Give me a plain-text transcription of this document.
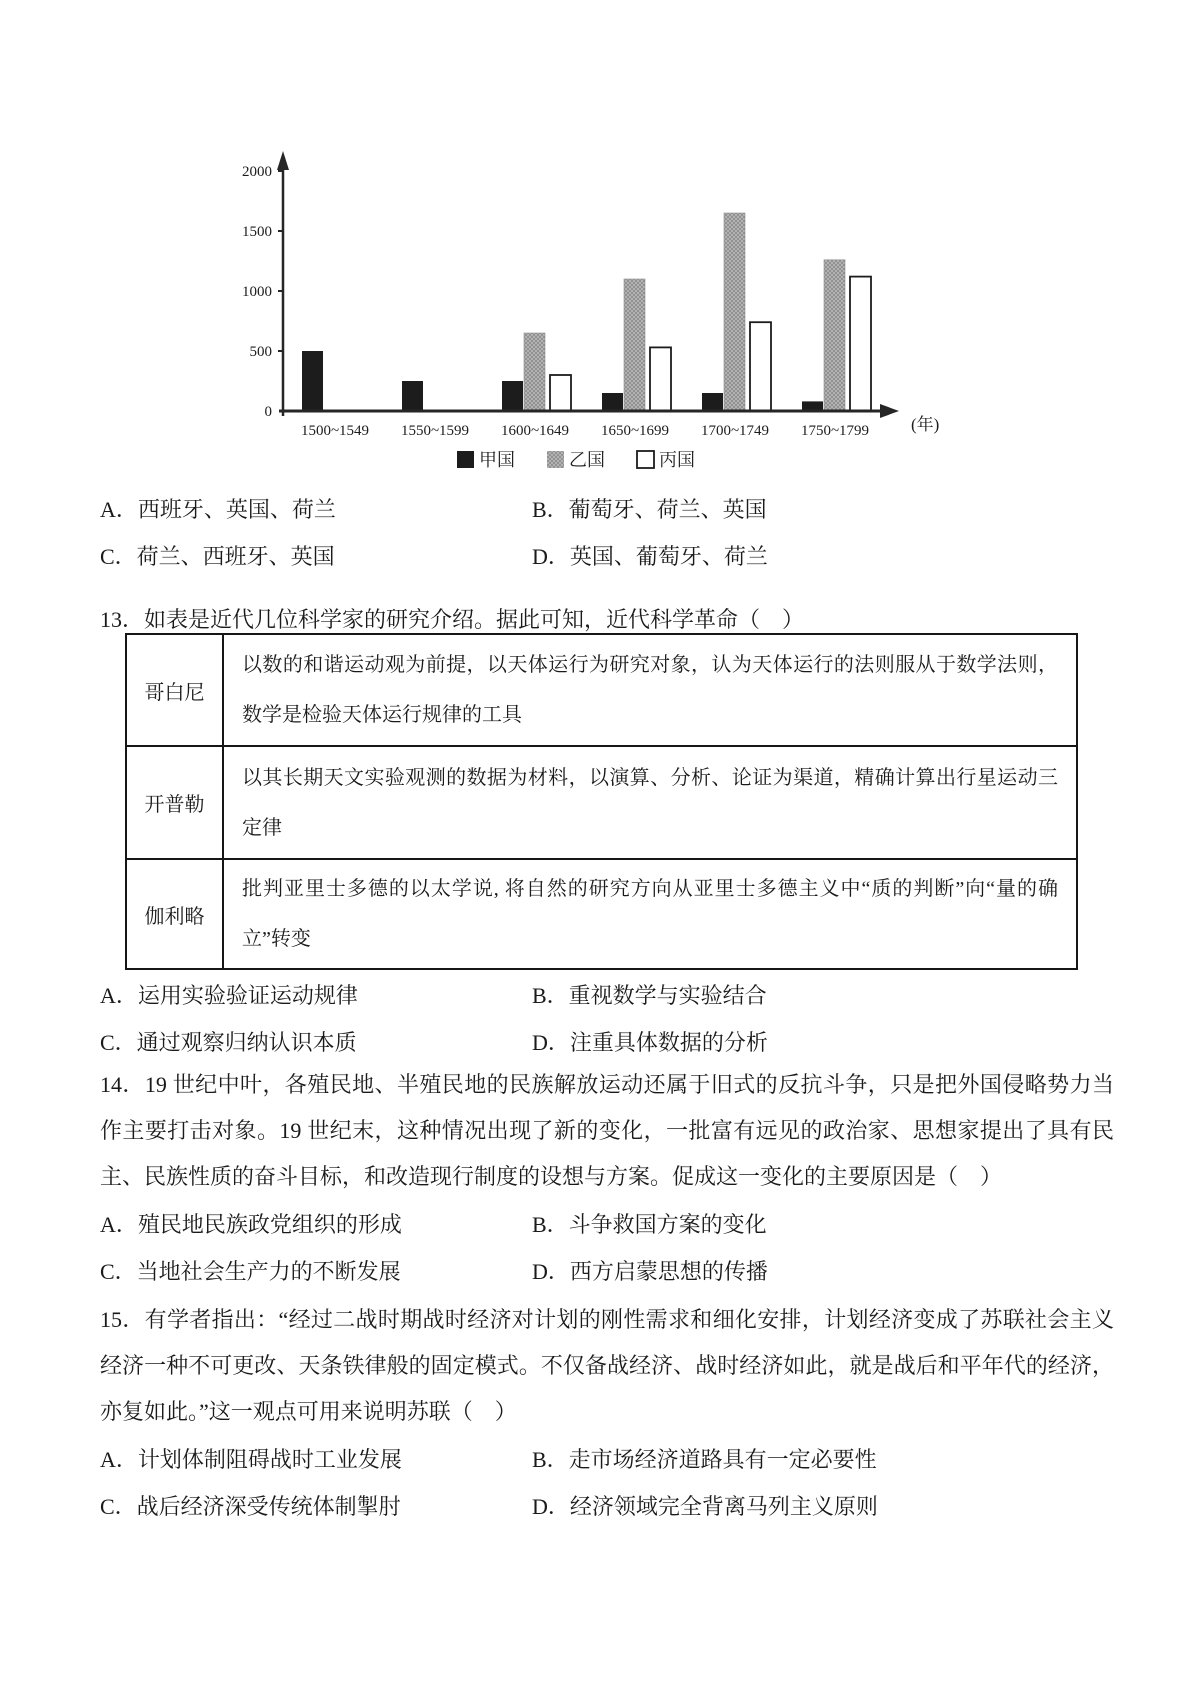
1500~1549 1550~1599 1600~1649 1650~1699 1700~1749 1750~1799
0
500
1000
1500
2000
(年)
甲国	乙国	丙国
A．西班牙、英国、荷兰	B．葡萄牙、荷兰、英国
C．荷兰、西班牙、英国	D．英国、葡萄牙、荷兰
13．如表是近代几位科学家的研究介绍。据此可知，近代科学革命（　）
哥白尼	以数的和谐运动观为前提，以天体运行为研究对象，认为天体运行的法则服从于数学法则，数学是检验天体运行规律的工具
开普勒	以其长期天文实验观测的数据为材料，以演算、分析、论证为渠道，精确计算出行星运动三定律
伽利略	批判亚里士多德的以太学说, 将自然的研究方向从亚里士多德主义中“质的判断”向“量的确立”转变
A．运用实验验证运动规律	B．重视数学与实验结合
C．通过观察归纳认识本质	D．注重具体数据的分析
14．19 世纪中叶，各殖民地、半殖民地的民族解放运动还属于旧式的反抗斗争，只是把外国侵略势力当作主要打击对象。19 世纪末，这种情况出现了新的变化，一批富有远见的政治家、思想家提出了具有民主、民族性质的奋斗目标，和改造现行制度的设想与方案。促成这一变化的主要原因是（　）
A．殖民地民族政党组织的形成	B．斗争救国方案的变化
C．当地社会生产力的不断发展	D．西方启蒙思想的传播
15．有学者指出：“经过二战时期战时经济对计划的刚性需求和细化安排，计划经济变成了苏联社会主义经济一种不可更改、天条铁律般的固定模式。不仅备战经济、战时经济如此，就是战后和平年代的经济，亦复如此。”这一观点可用来说明苏联（　）
A．计划体制阻碍战时工业发展	B．走市场经济道路具有一定必要性
C．战后经济深受传统体制掣肘	D．经济领域完全背离马列主义原则
